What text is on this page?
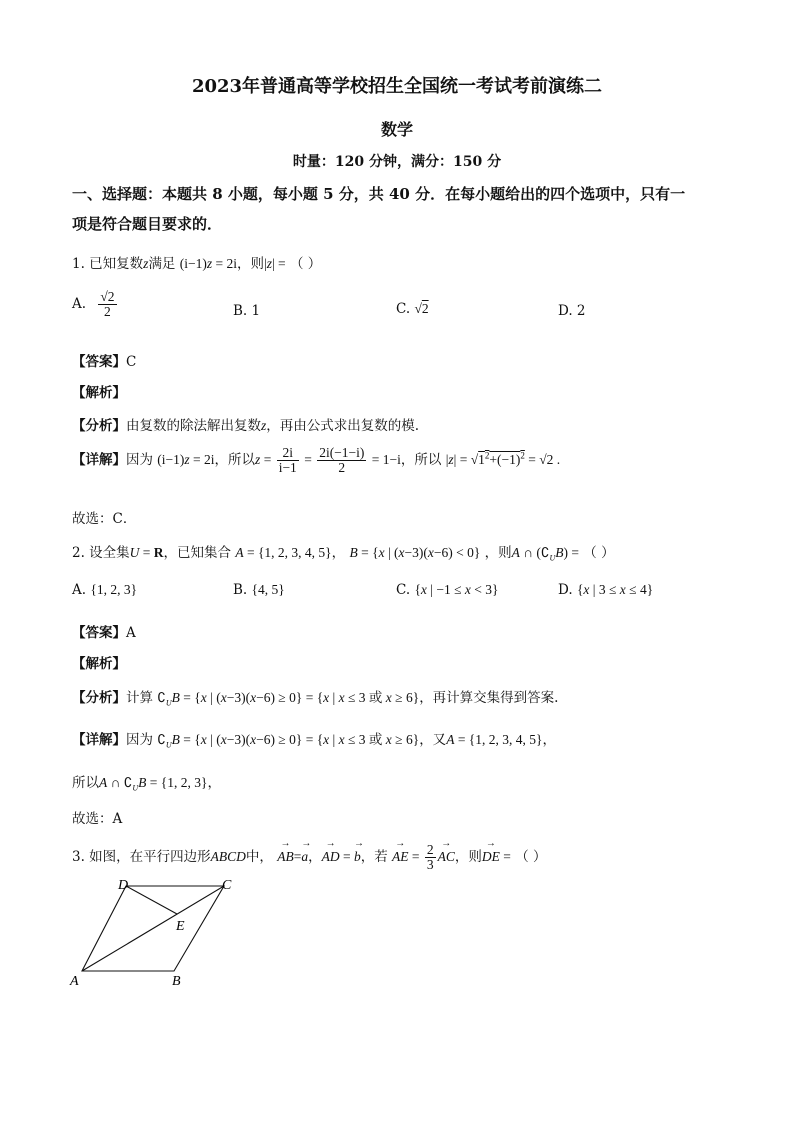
2023年普通高等学校招生全国统一考试考前演练二
数学
时量：120 分钟，满分：150 分
一、选择题：本题共 8 小题，每小题 5 分，共 40 分．在每小题给出的四个选项中，只有一
项是符合题目要求的．
1. 已知复数z满足 (i−1)z = 2i，则|z| = （ ）
A. $\frac{√2}{2}$	B. 1	C. √2	D. 2
【答案】C
【解析】
【分析】由复数的除法解出复数z，再由公式求出复数的模.
【详解】因为 (i−1)z = 2i，所以$z = \frac{2i}{i-1} = \frac{2i(-1-i)}{2} = 1-i$，所以 $|z| = √1^2+(-1)^2 = √2$ .
故选：C．
2. 设全集U = R，已知集合 A = {1, 2, 3, 4, 5}， B = {x | (x−3)(x−6) < 0} ，则A ∩ $(∁_UB)$ = （ ）
A. {1, 2, 3}	B. {4, 5}	C. {x | −1 ≤ x < 3}	D. {x | 3 ≤ x ≤ 4}
【答案】A
【解析】
【分析】计算 $∁_UB = \{x$ | (x−3)(x−6) ≥ 0} = {x | x ≤ 3 或 x ≥ 6}，再计算交集得到答案.
【详解】因为 $∁_UB = \{x$ | (x−3)(x−6) ≥ 0} = {x | x ≤ 3 或 x ≥ 6}，又A = {1, 2, 3, 4, 5}，
所以A ∩ $∁_UB = \{1$, 2, 3}，
故选：A
3. 如图，在平行四边形ABCD中， → AB=→ a，→ AD = → b，若 → AE = $\frac{2}{3}$ → AC，则→ DE = （ ）
A	B
C
D
E
